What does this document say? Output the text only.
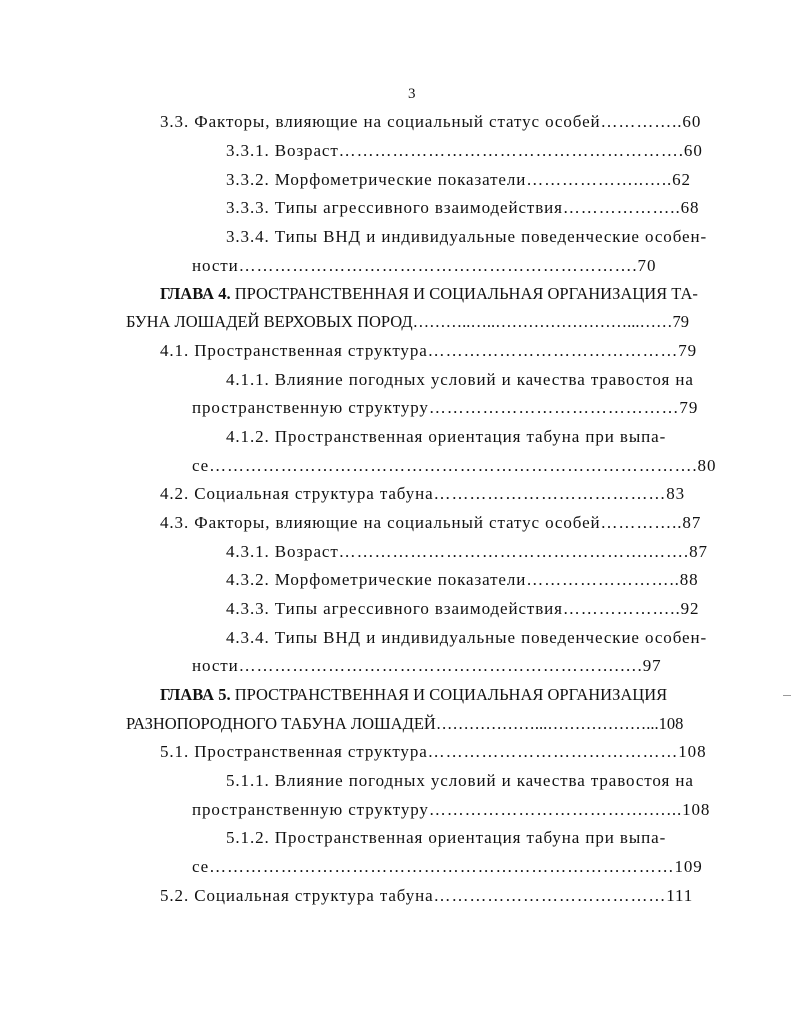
3
3.3. Факторы, влияющие на социальный статус особей…………..60
3.3.1. Возраст………………………………………………….60
3.3.2. Морфометрические показатели………………..…..62
3.3.3. Типы агрессивного взаимодействия………………..68
3.3.4. Типы ВНД и индивидуальные поведенческие особен-
ности………………………………………………………….70
ГЛАВА 4. ПРОСТРАНСТВЕННАЯ И СОЦИАЛЬНАЯ ОРГАНИЗАЦИЯ ТА-
БУНА ЛОШАДЕЙ ВЕРХОВЫХ ПОРОД………..…..……………………...……79
4.1. Пространственная структура……………………………………79
4.1.1. Влияние погодных условий и качества травостоя на
пространственную структуру……………………………………79
4.1.2. Пространственная ориентация табуна при выпа-
се……………………………………………………………………….80
4.2. Социальная структура табуна…………………………………83
4.3. Факторы, влияющие на социальный статус особей…………..87
4.3.1. Возраст…………………………………………….…….87
4.3.2. Морфометрические показатели……………………..88
4.3.3. Типы агрессивного взаимодействия………………..92
4.3.4. Типы ВНД и индивидуальные поведенческие особен-
ности……………………………………………………….….97
ГЛАВА 5. ПРОСТРАНСТВЕННАЯ И СОЦИАЛЬНАЯ ОРГАНИЗАЦИЯ
РАЗНОПОРОДНОГО ТАБУНА ЛОШАДЕЙ………………...………………...108
5.1. Пространственная структура……………………………………108
5.1.1. Влияние погодных условий и качества травостоя на
пространственную структуру……………………………….…...108
5.1.2. Пространственная ориентация табуна при выпа-
се……………………………………………………………………109
5.2. Социальная структура табуна…………………………………111
